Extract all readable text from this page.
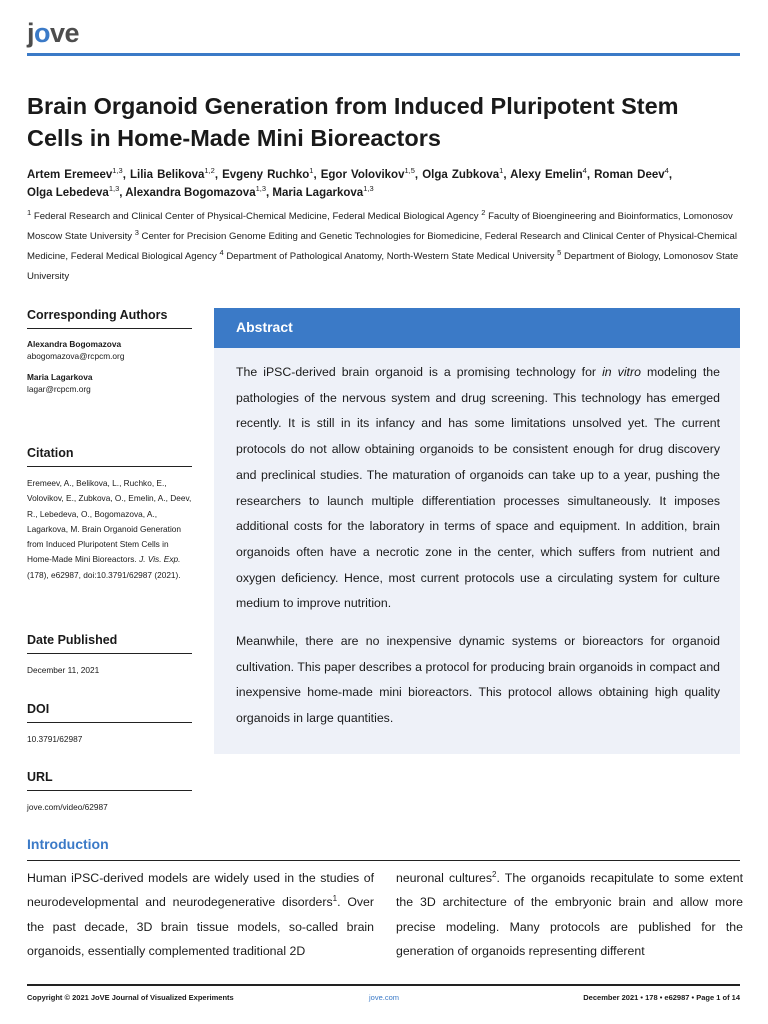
jove
Brain Organoid Generation from Induced Pluripotent Stem Cells in Home-Made Mini Bioreactors
Artem Eremeev$^{1,3}$, Lilia Belikova$^{1,2}$, Evgeny Ruchko$^1$, Egor Volovikov$^{1,5}$, Olga Zubkova$^1$, Alexy Emelin$^4$, Roman Deev$^4$, Olga Lebedeva$^{1,3}$, Alexandra Bogomazova$^{1,3}$, Maria Lagarkova$^{1,3}$
$^1$ Federal Research and Clinical Center of Physical-Chemical Medicine, Federal Medical Biological Agency $^2$ Faculty of Bioengineering and Bioinformatics, Lomonosov Moscow State University $^3$ Center for Precision Genome Editing and Genetic Technologies for Biomedicine, Federal Research and Clinical Center of Physical-Chemical Medicine, Federal Medical Biological Agency $^4$ Department of Pathological Anatomy, North-Western State Medical University $^5$ Department of Biology, Lomonosov State University
Corresponding Authors
Alexandra Bogomazova
abogomazova@rcpcm.org
Maria Lagarkova
lagar@rcpcm.org
Citation
Eremeev, A., Belikova, L., Ruchko, E., Volovikov, E., Zubkova, O., Emelin, A., Deev, R., Lebedeva, O., Bogomazova, A., Lagarkova, M. Brain Organoid Generation from Induced Pluripotent Stem Cells in Home-Made Mini Bioreactors. J. Vis. Exp. (178), e62987, doi:10.3791/62987 (2021).
Date Published
December 11, 2021
DOI
10.3791/62987
URL
jove.com/video/62987
Abstract

The iPSC-derived brain organoid is a promising technology for in vitro modeling the pathologies of the nervous system and drug screening. This technology has emerged recently. It is still in its infancy and has some limitations unsolved yet. The current protocols do not allow obtaining organoids to be consistent enough for drug discovery and preclinical studies. The maturation of organoids can take up to a year, pushing the researchers to launch multiple differentiation processes simultaneously. It imposes additional costs for the laboratory in terms of space and equipment. In addition, brain organoids often have a necrotic zone in the center, which suffers from nutrient and oxygen deficiency. Hence, most current protocols use a circulating system for culture medium to improve nutrition.

Meanwhile, there are no inexpensive dynamic systems or bioreactors for organoid cultivation. This paper describes a protocol for producing brain organoids in compact and inexpensive home-made mini bioreactors. This protocol allows obtaining high quality organoids in large quantities.

Introduction
Human iPSC-derived models are widely used in the studies of neurodevelopmental and neurodegenerative disorders$^1$. Over the past decade, 3D brain tissue models, so-called brain organoids, essentially complemented traditional 2D
neuronal cultures$^2$. The organoids recapitulate to some extent the 3D architecture of the embryonic brain and allow more precise modeling. Many protocols are published for the generation of organoids representing different
Copyright © 2021 JoVE Journal of Visualized Experiments	jove.com	December 2021 • 178 • e62987 • Page 1 of 14
